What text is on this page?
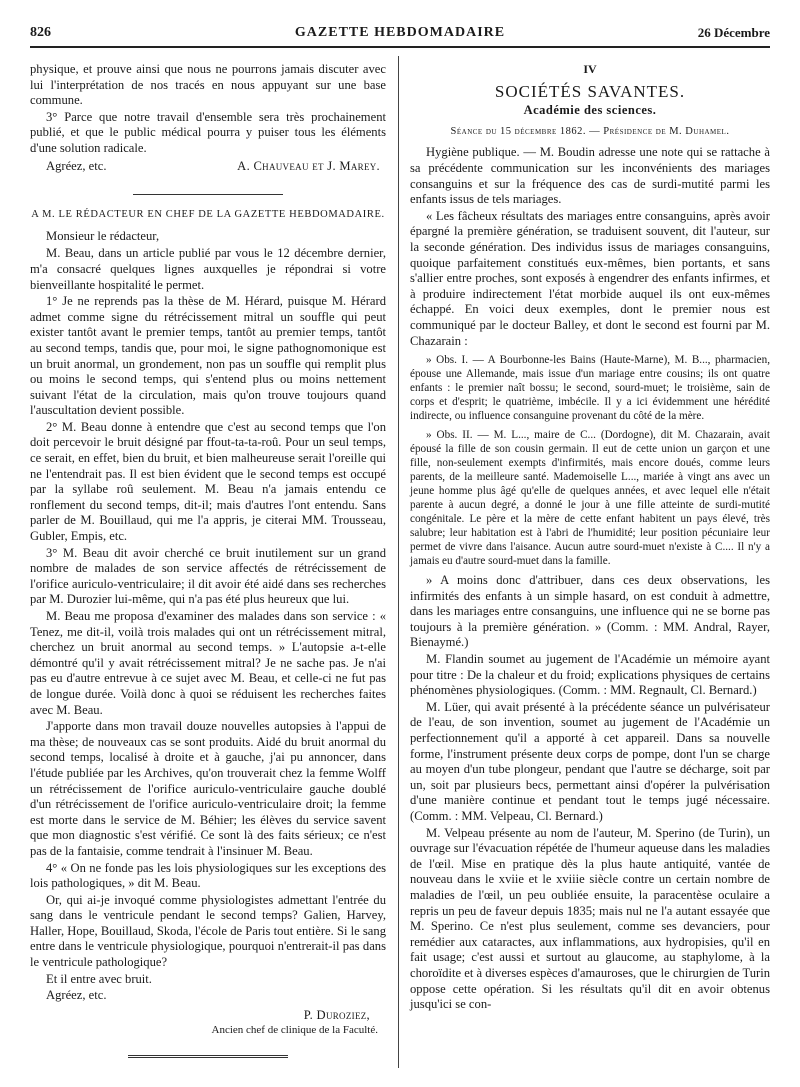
826	GAZETTE HEBDOMADAIRE	26 Décembre

physique, et prouve ainsi que nous ne pourrons jamais discuter avec lui l'interprétation de nos tracés en nous appuyant sur une base commune.

3° Parce que notre travail d'ensemble sera très prochainement publié, et que le public médical pourra y puiser tous les éléments d'une solution radicale.

Agréez, etc.	A. Chauveau et J. Marey.

A M. LE RÉDACTEUR EN CHEF DE LA GAZETTE HEBDOMADAIRE.

Monsieur le rédacteur,

M. Beau, dans un article publié par vous le 12 décembre dernier, m'a consacré quelques lignes auxquelles je répondrai si votre bienveillante hospitalité le permet.

1° Je ne reprends pas la thèse de M. Hérard, puisque M. Hérard admet comme signe du rétrécissement mitral un souffle qui peut exister tantôt avant le premier temps, tantôt au premier temps, tantôt au second temps, tandis que, pour moi, le signe pathognomonique est un bruit anormal, un grondement, non pas un souffle qui remplit plus ou moins le second temps, qui s'entend plus ou moins nettement suivant l'état de la circulation, mais qu'on trouve toujours quand l'auscultation devient possible.

2° M. Beau donne à entendre que c'est au second temps que l'on doit percevoir le bruit désigné par ffout-ta-ta-roû. Pour un seul temps, ce serait, en effet, bien du bruit, et bien malheureuse serait l'oreille qui ne l'entendrait pas. Il est bien évident que le second temps est occupé par la syllabe roû seulement. M. Beau n'a jamais entendu ce ronflement du second temps, dit-il; mais d'autres l'ont entendu. Sans parler de M. Bouillaud, qui me l'a appris, je citerai MM. Trousseau, Gubler, Empis, etc.

3° M. Beau dit avoir cherché ce bruit inutilement sur un grand nombre de malades de son service affectés de rétrécissement de l'orifice auriculo-ventriculaire; il dit avoir été aidé dans ses recherches par M. Durozier lui-même, qui n'a pas été plus heureux que lui.

M. Beau me proposa d'examiner des malades dans son service : « Tenez, me dit-il, voilà trois malades qui ont un rétrécissement mitral, cherchez un bruit anormal au second temps. » L'autopsie a-t-elle démontré qu'il y avait rétrécissement mitral? Je ne sache pas. Je n'ai pas eu d'autre entrevue à ce sujet avec M. Beau, et celle-ci ne fut pas de longue durée. Voilà donc à quoi se réduisent les recherches faites avec M. Beau.

J'apporte dans mon travail douze nouvelles autopsies à l'appui de ma thèse; de nouveaux cas se sont produits. Aidé du bruit anormal du second temps, localisé à droite et à gauche, j'ai pu annoncer, dans l'étude publiée par les Archives, qu'on trouverait chez la femme Wolff un rétrécissement de l'orifice auriculo-ventriculaire gauche doublé d'un rétrécissement de l'orifice auriculo-ventriculaire droit; la femme est morte dans le service de M. Béhier; les élèves du service savent que mon diagnostic s'est vérifié. Ce sont là des faits sérieux; ce n'est pas de la fantaisie, comme tendrait à l'insinuer M. Beau.

4° « On ne fonde pas les lois physiologiques sur les exceptions des lois pathologiques, » dit M. Beau.

Or, qui ai-je invoqué comme physiologistes admettant l'entrée du sang dans le ventricule pendant le second temps? Galien, Harvey, Haller, Hope, Bouillaud, Skoda, l'école de Paris tout entière. Si le sang entre dans le ventricule physiologique, pourquoi n'entrerait-il pas dans le ventricule pathologique?

Et il entre avec bruit.

Agréez, etc.

P. Duroziez,

Ancien chef de clinique de la Faculté.

IV

SOCIÉTÉS SAVANTES.

Académie des sciences.

Séance du 15 décembre 1862. — Présidence de M. Duhamel.

Hygiène publique. — M. Boudin adresse une note qui se rattache à sa précédente communication sur les inconvénients des mariages consanguins et sur la fréquence des cas de surdi-mutité parmi les enfants issus de tels mariages.

« Les fâcheux résultats des mariages entre consanguins, après avoir épargné la première génération, se traduisent souvent, dit l'auteur, sur la seconde génération. Des individus issus de mariages consanguins, quoique parfaitement constitués eux-mêmes, bien portants, et sans s'allier entre proches, sont exposés à engendrer des enfants infirmes, et à produire indirectement l'état morbide auquel ils ont eux-mêmes échappé. En voici deux exemples, dont le premier nous est communiqué par le docteur Balley, et dont le second est fourni par M. Chazarain :

» Obs. I. — A Bourbonne-les Bains (Haute-Marne), M. B..., pharmacien, épouse une Allemande, mais issue d'un mariage entre cousins; ils ont quatre enfants : le premier naît bossu; le second, sourd-muet; le troisième, sain de corps et d'esprit; le quatrième, imbécile. Il y a ici évidemment une hérédité indirecte, ou influence consanguine provenant du côté de la mère.

» Obs. II. — M. L..., maire de C... (Dordogne), dit M. Chazarain, avait épousé la fille de son cousin germain. Il eut de cette union un garçon et une fille, non-seulement exempts d'infirmités, mais encore doués, comme leurs parents, de la meilleure santé. Mademoiselle L..., mariée à vingt ans avec un jeune homme plus âgé qu'elle de quelques années, et avec lequel elle n'était parente à aucun degré, a donné le jour à une fille atteinte de surdi-mutité congénitale. Le père et la mère de cette enfant habitent un pays élevé, très salubre; leur habitation est à l'abri de l'humidité; leur position pécuniaire leur permet de vivre dans l'aisance. Aucun autre sourd-muet n'existe à C.... Il n'y a jamais eu d'autre sourd-muet dans la famille.

» A moins donc d'attribuer, dans ces deux observations, les infirmités des enfants à un simple hasard, on est conduit à admettre, dans les mariages entre consanguins, une influence qui ne se borne pas toujours à la première génération. » (Comm. : MM. Andral, Rayer, Bienaymé.)

M. Flandin soumet au jugement de l'Académie un mémoire ayant pour titre : De la chaleur et du froid; explications physiques de certains phénomènes physiologiques. (Comm. : MM. Regnault, Cl. Bernard.)

M. Lüer, qui avait présenté à la précédente séance un pulvérisateur de l'eau, de son invention, soumet au jugement de l'Académie un perfectionnement qu'il a apporté à cet appareil. Dans sa nouvelle forme, l'instrument présente deux corps de pompe, dont l'un se charge au moyen d'un tube plongeur, pendant que l'autre se décharge, soit par un, soit par plusieurs becs, permettant ainsi d'opérer la pulvérisation d'une manière continue et pendant tout le temps jugé nécessaire. (Comm. : MM. Velpeau, Cl. Bernard.)

M. Velpeau présente au nom de l'auteur, M. Sperino (de Turin), un ouvrage sur l'évacuation répétée de l'humeur aqueuse dans les maladies de l'œil. Mise en pratique dès la plus haute antiquité, vantée de nouveau dans le xviie et le xviiie siècle contre un certain nombre de maladies de l'œil, un peu oubliée ensuite, la paracentèse oculaire a repris un peu de faveur depuis 1835; mais nul ne l'a autant essayée que M. Sperino. Ce n'est plus seulement, comme ses devanciers, pour remédier aux cataractes, aux inflammations, aux hydropisies, qu'il en fait usage; c'est aussi et surtout au glaucome, au staphylome, à la choroïdite et à diverses espèces d'amauroses, que le chirurgien de Turin oppose cette opération. Si les résultats qu'il dit en avoir obtenus jusqu'ici se con-
